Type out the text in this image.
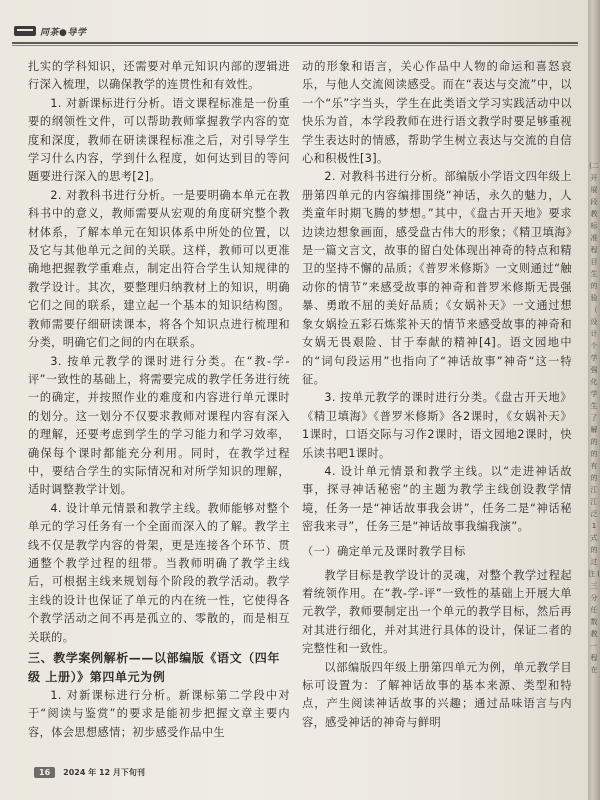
同茶●导学

扎实的学科知识，还需要对单元知识内部的逻辑进行深入梳理，以确保教学的连贯性和有效性。

1. 对新课标进行分析。语文课程标准是一份重要的纲领性文件，可以帮助教师掌握教学内容的宽度和深度，教师在研读课程标准之后，对引导学生学习什么内容，学到什么程度，如何达到目的等问题要进行深入的思考[2]。

2. 对教科书进行分析。一是要明确本单元在教科书中的意义，教师需要从宏观的角度研究整个教材体系，了解本单元在知识体系中所处的位置，以及它与其他单元之间的关联。这样，教师可以更准确地把握教学重难点，制定出符合学生认知规律的教学设计。其次，要整理归纳教材上的知识，明确它们之间的联系，建立起一个基本的知识结构图。教师需要仔细研读课本，将各个知识点进行梳理和分类，明确它们之间的内在联系。

3. 按单元教学的课时进行分类。在“教-学-评”一致性的基础上，将需要完成的教学任务进行统一的确定，并按照作业的难度和内容进行单元课时的划分。这一划分不仅要求教师对课程内容有深入的理解，还要考虑到学生的学习能力和学习效率，确保每个课时都能充分利用。同时，在教学过程中，要结合学生的实际情况和对所学知识的理解，适时调整教学计划。

4. 设计单元情景和教学主线。教师能够对整个单元的学习任务有一个全面而深入的了解。教学主线不仅是教学内容的骨架，更是连接各个环节、贯通整个教学过程的纽带。当教师明确了教学主线后，可根据主线来规划每个阶段的教学活动。教学主线的设计也保证了单元的内在统一性，它使得各个教学活动之间不再是孤立的、零散的，而是相互关联的。

三、教学案例解析——以部编版《语文（四年级 上册）》第四单元为例

1. 对新课标进行分析。新课标第二学段中对于“阅读与鉴赏”的要求是能初步把握文章主要内容，体会思想感情；初步感受作品中生

动的形象和语言，关心作品中人物的命运和喜怒哀乐，与他人交流阅读感受。而在“表达与交流”中，以一个“乐”字当头，学生在此类语文学习实践活动中以快乐为首，本学段教师在进行语文教学时要足够重视学生表达时的情感，帮助学生树立表达与交流的自信心和积极性[3]。

2. 对教科书进行分析。部编版小学语文四年级上册第四单元的内容编排围绕“神话，永久的魅力，人类童年时期飞腾的梦想。”其中，《盘古开天地》要求边读边想象画面，感受盘古伟大的形象；《精卫填海》是一篇文言文，故事的留白处体现出神奇的特点和精卫的坚持不懈的品质；《普罗米修斯》一文则通过“触动你的情节”来感受故事的神奇和普罗米修斯无畏强暴、勇敢不屈的美好品质；《女娲补天》一文通过想象女娲捡五彩石炼浆补天的情节来感受故事的神奇和女娲无畏艰险、甘于奉献的精神[4]。语文园地中的“词句段运用”也指向了“神话故事”神奇“这一特征。

3. 按单元教学的课时进行分类。《盘古开天地》《精卫填海》《普罗米修斯》各2课时，《女娲补天》1课时，口语交际与习作2课时，语文园地2课时，快乐读书吧1课时。

4. 设计单元情景和教学主线。以“走进神话故事，探寻神话秘密”的主题为教学主线创设教学情境，任务一是“神话故事我会讲”，任务二是“神话秘密我来寻”，任务三是“神话故事我编我演”。

（一）确定单元及课时教学目标

教学目标是教学设计的灵魂，对整个教学过程起着统领作用。在“教-学-评”一致性的基础上开展大单元教学，教师要制定出一个单元的教学目标，然后再对其进行细化，并对其进行具体的设计，保证二者的完整性和一致性。

以部编版四年级上册第四单元为例，单元教学目标可设置为：了解神话故事的基本来源、类型和特点，产生阅读神话故事的兴趣；通过品味语言与内容，感受神话的神奇与鲜明

16	2024 年 12 月下旬刊
(二 开展 段教 标准 程目 生的 验 （ 设计 个学 强化 学生 了解 的的 有的 江 江泛 1 式的 过 注 ( 三 分 任 数 教 一 程 在
